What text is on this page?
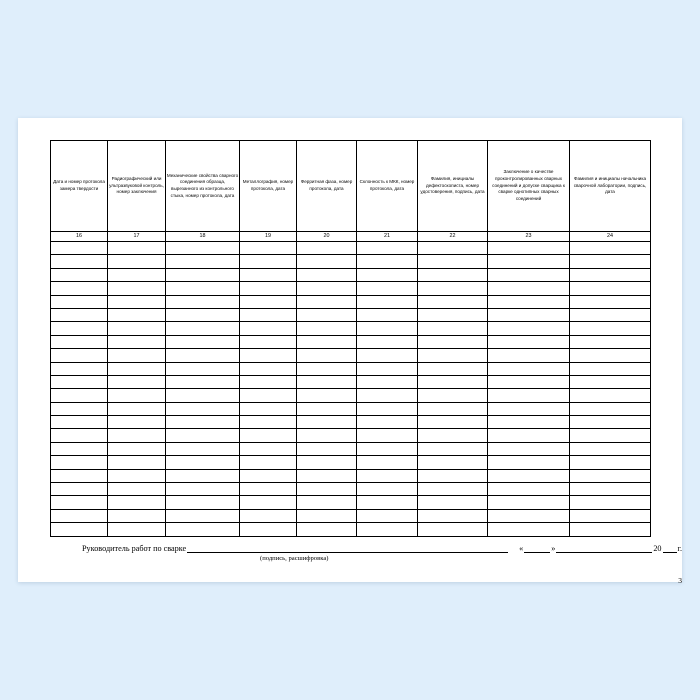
Дата и номер протокола замера твердости	Радиографический или ультразвуковой контроль, номер заключения	Механические свойства сварного соединения образца, вырезанного из контрольного стыка, номер протокола, дата	Металлография, номер протокола, дата	Ферритная фаза, номер протокола, дата	Склонность к МКК, номер протокола, дата	Фамилия, инициалы дефектоскописта, номер удостоверения, подпись, дата	Заключение о качестве проконтролированных сварных соединений и допуске сварщика к сварке однотипных сварных соединений	Фамилия и инициалы начальника сварочной лаборатории, подпись, дата
16	17	18	19	20	21	22	23	24

Руководитель работ по сварке	«	»	20 г.
(подпись, расшифровка)
3
